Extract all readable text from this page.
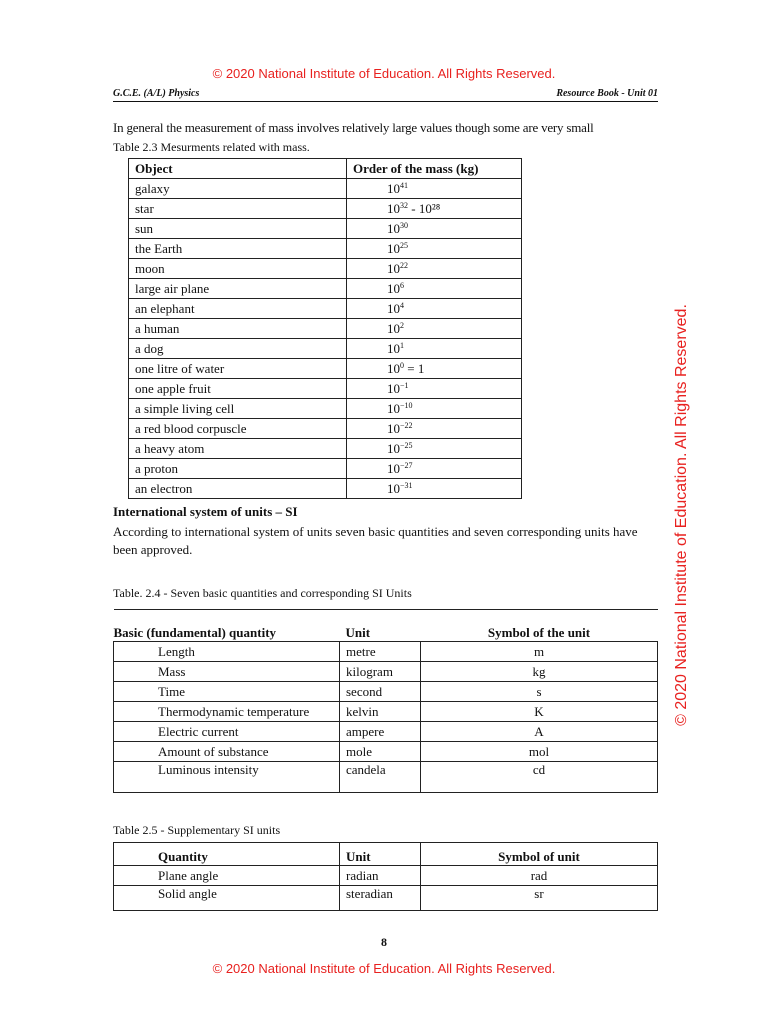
© 2020 National Institute of Education. All Rights Reserved.
© 2020 National Institute of Education. All Rights Reserved.
G.C.E. (A/L) Physics	Resource Book - Unit 01
In general the measurement of mass involves relatively large values though some are very small
Table 2.3 Mesurments related with mass.
Object	Order of the mass (kg)
galaxy	$10^{41}$
star	$10^{32} - 10^{28}$
sun	$10^{30}$
the Earth	$10^{25}$
moon	$10^{22}$
large air plane	$10^6$
an elephant	$10^4$
a human	$10^2$
a dog	$10^1$
one litre of water	$10^0 = 1$
one apple fruit	$10^{-1}$
a simple living cell	$10^{-10}$
a red blood corpuscle	$10^{-22}$
a heavy atom	$10^{-25}$
a proton	$10^{-27}$
an electron	$10^{-31}$
International system of units – SI
According to international system of units seven basic quantities and seven corresponding units have been approved.
Table. 2.4 - Seven basic quantities and corresponding SI Units
Basic (fundamental) quantity	Unit	Symbol of the unit
Length	metre	m
Mass	kilogram	kg
Time	second	s
Thermodynamic temperature	kelvin	K
Electric current	ampere	A
Amount of substance	mole	mol
Luminous intensity	candela	cd
Table 2.5 - Supplementary SI units
Quantity	Unit	Symbol of unit
Plane angle	radian	rad
Solid angle	steradian	sr
8
© 2020 National Institute of Education. All Rights Reserved.
